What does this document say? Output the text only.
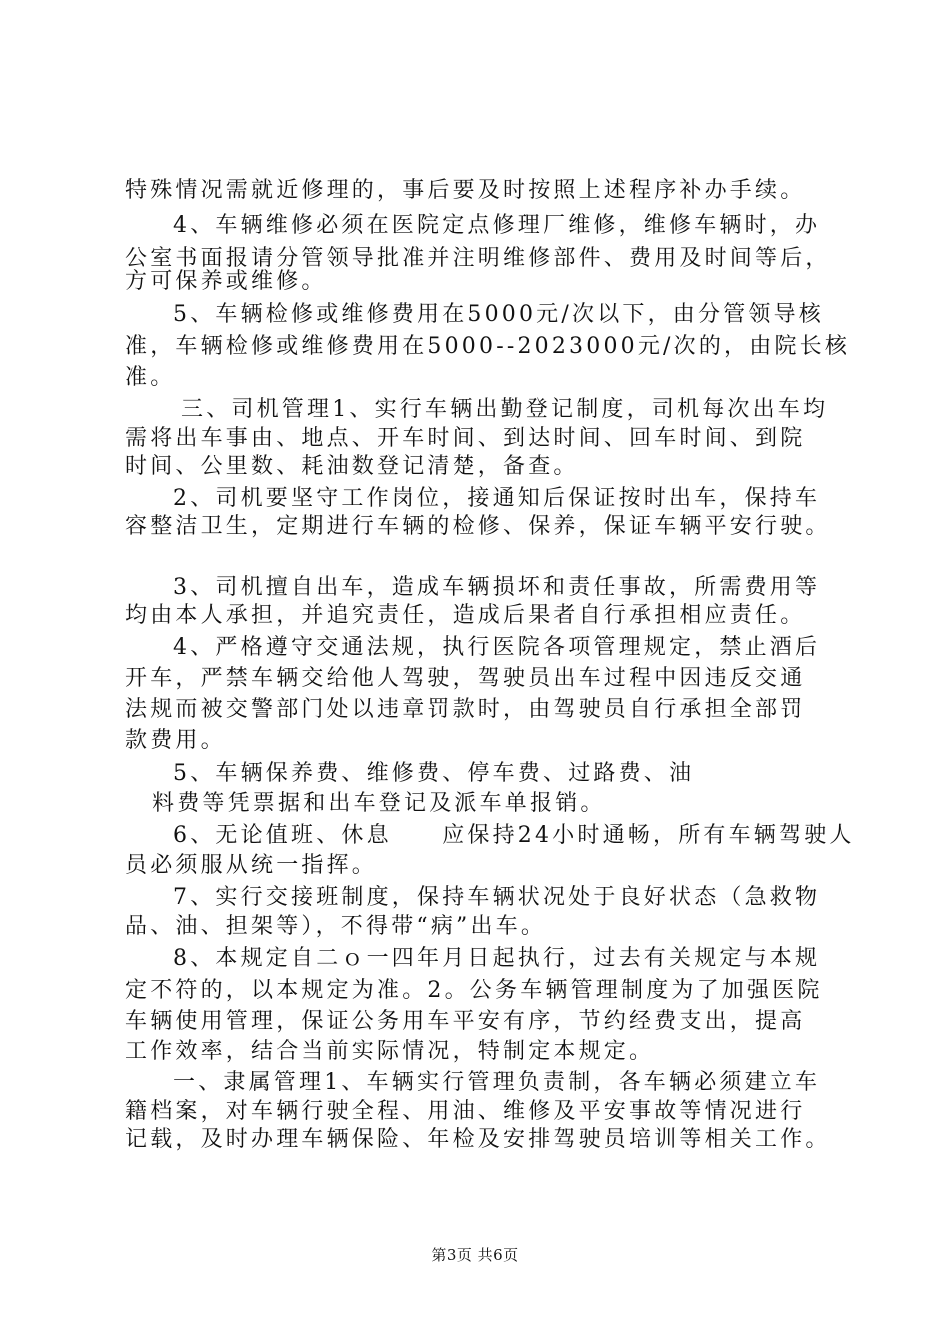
特殊情况需就近修理的，事后要及时按照上述程序补办手续。
4、车辆维修必须在医院定点修理厂维修，维修车辆时，办
公室书面报请分管领导批准并注明维修部件、费用及时间等后，
方可保养或维修。
5、车辆检修或维修费用在5000元/次以下，由分管领导核
准，车辆检修或维修费用在5000--2023000元/次的，由院长核
准。
三、司机管理1、实行车辆出勤登记制度，司机每次出车均
需将出车事由、地点、开车时间、到达时间、回车时间、到院
时间、公里数、耗油数登记清楚，备查。
2、司机要坚守工作岗位，接通知后保证按时出车，保持车
容整洁卫生，定期进行车辆的检修、保养，保证车辆平安行驶。
3、司机擅自出车，造成车辆损坏和责任事故，所需费用等
均由本人承担，并追究责任，造成后果者自行承担相应责任。
4、严格遵守交通法规，执行医院各项管理规定，禁止酒后
开车，严禁车辆交给他人驾驶，驾驶员出车过程中因违反交通
法规而被交警部门处以违章罚款时，由驾驶员自行承担全部罚
款费用。
5、车辆保养费、维修费、停车费、过路费、油
料费等凭票据和出车登记及派车单报销。
6、无论值班、休息　　应保持24小时通畅，所有车辆驾驶人
员必须服从统一指挥。
7、实行交接班制度，保持车辆状况处于良好状态（急救物
品、油、担架等），不得带“病”出车。
8、本规定自二ｏ一四年月日起执行，过去有关规定与本规
定不符的，以本规定为准。2。公务车辆管理制度为了加强医院
车辆使用管理，保证公务用车平安有序，节约经费支出，提高
工作效率，结合当前实际情况，特制定本规定。
一、隶属管理1、车辆实行管理负责制，各车辆必须建立车
籍档案，对车辆行驶全程、用油、维修及平安事故等情况进行
记载，及时办理车辆保险、年检及安排驾驶员培训等相关工作。
第3页 共6页
